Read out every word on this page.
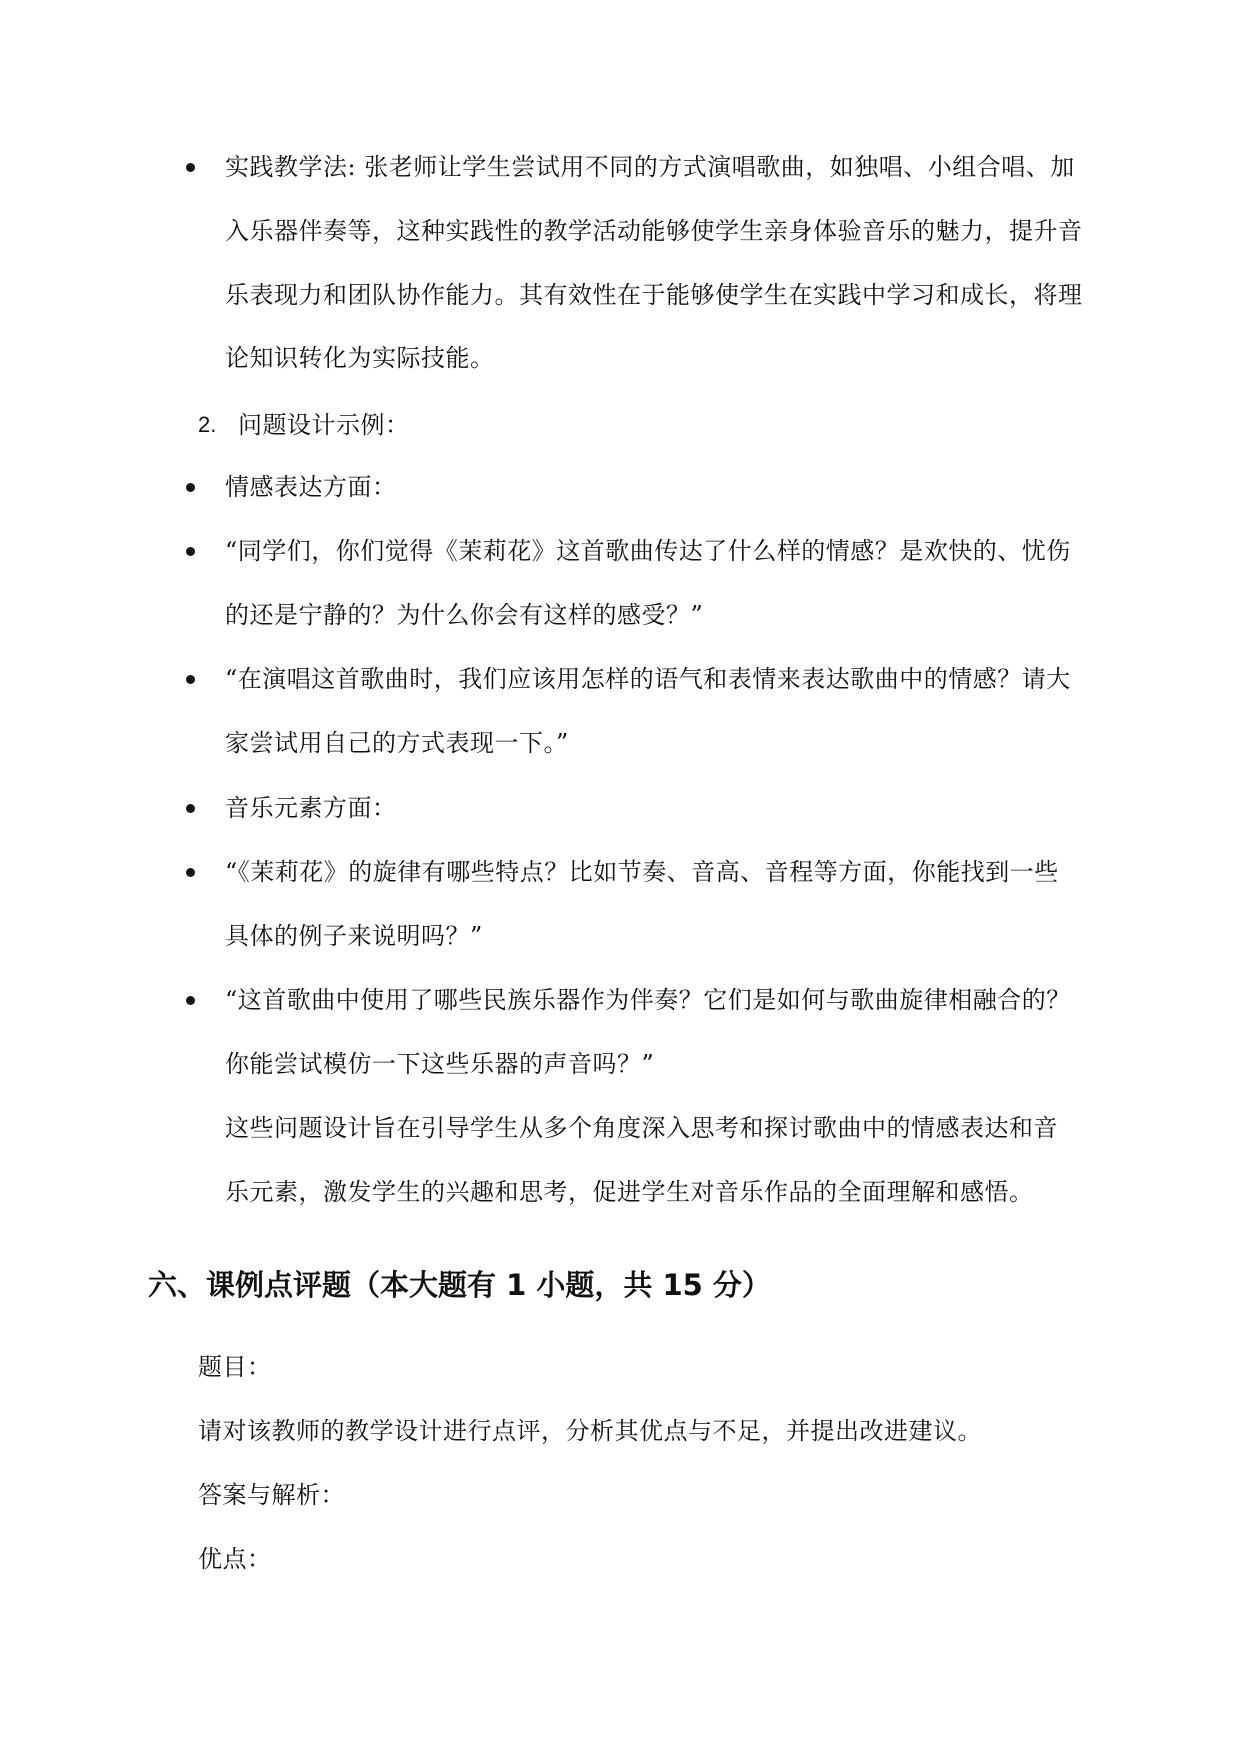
实践教学法: 张老师让学生尝试用不同的方式演唱歌曲，如独唱、小组合唱、加
入乐器伴奏等，这种实践性的教学活动能够使学生亲身体验音乐的魅力，提升音
乐表现力和团队协作能力。其有效性在于能够使学生在实践中学习和成长，将理
论知识转化为实际技能。
2. 问题设计示例：
情感表达方面：
“同学们，你们觉得《茉莉花》这首歌曲传达了什么样的情感？是欢快的、忧伤
的还是宁静的？为什么你会有这样的感受？”
“在演唱这首歌曲时，我们应该用怎样的语气和表情来表达歌曲中的情感？请大
家尝试用自己的方式表现一下。”
音乐元素方面：
“《茉莉花》的旋律有哪些特点？比如节奏、音高、音程等方面，你能找到一些
具体的例子来说明吗？”
“这首歌曲中使用了哪些民族乐器作为伴奏？它们是如何与歌曲旋律相融合的？
你能尝试模仿一下这些乐器的声音吗？”
这些问题设计旨在引导学生从多个角度深入思考和探讨歌曲中的情感表达和音
乐元素，激发学生的兴趣和思考，促进学生对音乐作品的全面理解和感悟。
六、课例点评题（本大题有 1 小题，共 15 分）
题目：
请对该教师的教学设计进行点评，分析其优点与不足，并提出改进建议。
答案与解析：
优点：
